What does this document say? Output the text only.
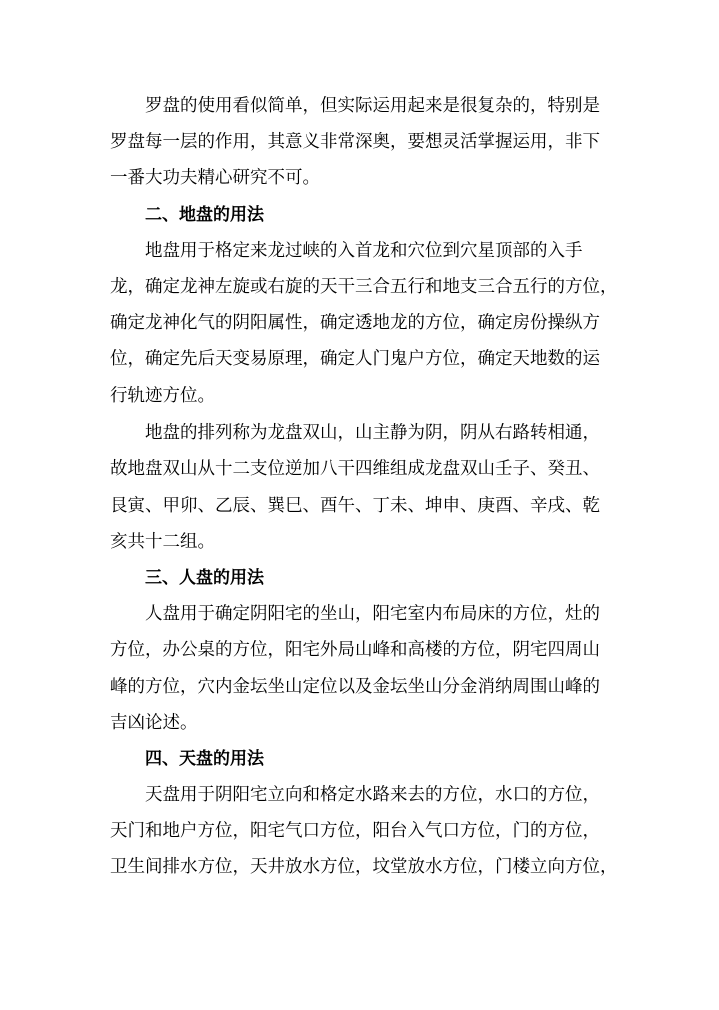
罗盘的使用看似简单，但实际运用起来是很复杂的，特别是
罗盘每一层的作用，其意义非常深奥，要想灵活掌握运用，非下
一番大功夫精心研究不可。
二、地盘的用法
地盘用于格定来龙过峡的入首龙和穴位到穴星顶部的入手
龙，确定龙神左旋或右旋的天干三合五行和地支三合五行的方位，
确定龙神化气的阴阳属性，确定透地龙的方位，确定房份操纵方
位，确定先后天变易原理，确定人门鬼户方位，确定天地数的运
行轨迹方位。
地盘的排列称为龙盘双山，山主静为阴，阴从右路转相通，
故地盘双山从十二支位逆加八干四维组成龙盘双山壬子、癸丑、
艮寅、甲卯、乙辰、巽巳、酉午、丁未、坤申、庚酉、辛戌、乾
亥共十二组。
三、人盘的用法
人盘用于确定阴阳宅的坐山，阳宅室内布局床的方位，灶的
方位，办公桌的方位，阳宅外局山峰和高楼的方位，阴宅四周山
峰的方位，穴内金坛坐山定位以及金坛坐山分金消纳周围山峰的
吉凶论述。
四、天盘的用法
天盘用于阴阳宅立向和格定水路来去的方位，水口的方位，
天门和地户方位，阳宅气口方位，阳台入气口方位，门的方位，
卫生间排水方位，天井放水方位，坟堂放水方位，门楼立向方位，
